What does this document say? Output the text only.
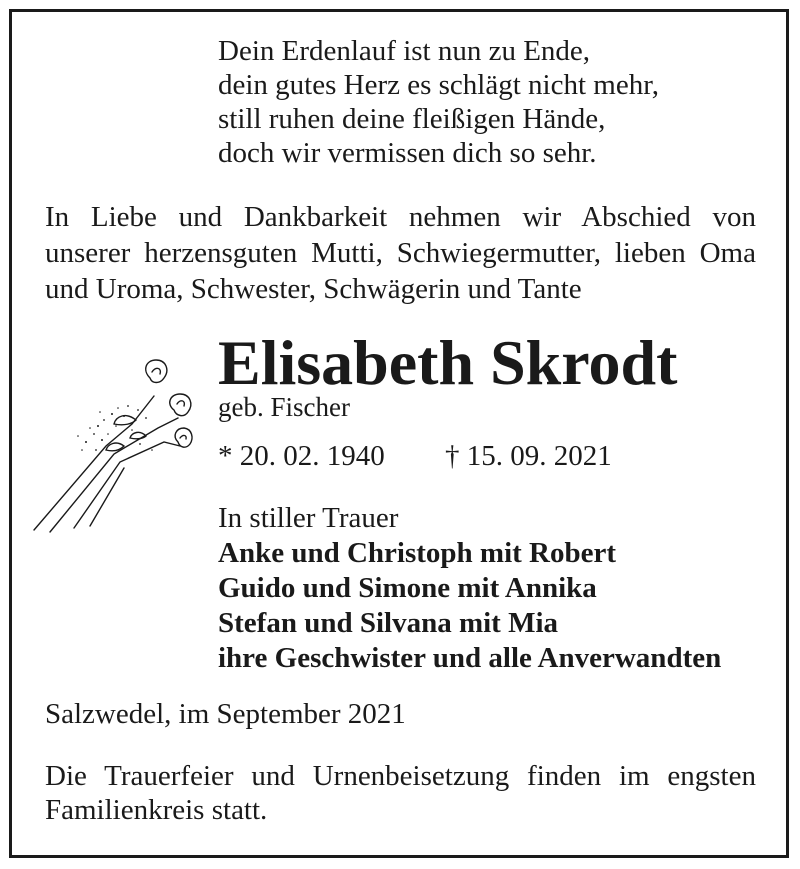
Dein Erdenlauf ist nun zu Ende,
dein gutes Herz es schlägt nicht mehr,
still ruhen deine fleißigen Hände,
doch wir vermissen dich so sehr.
In Liebe und Dankbarkeit nehmen wir Abschied von
unserer herzensguten Mutti, Schwiegermutter, lieben Oma
und Uroma, Schwester, Schwägerin und Tante
Elisabeth Skrodt
geb. Fischer
* 20. 02. 1940 † 15. 09. 2021
In stiller Trauer
Anke und Christoph mit Robert
Guido und Simone mit Annika
Stefan und Silvana mit Mia
ihre Geschwister und alle Anverwandten
Salzwedel, im September 2021
Die Trauerfeier und Urnenbeisetzung finden im engsten
Familienkreis statt.
